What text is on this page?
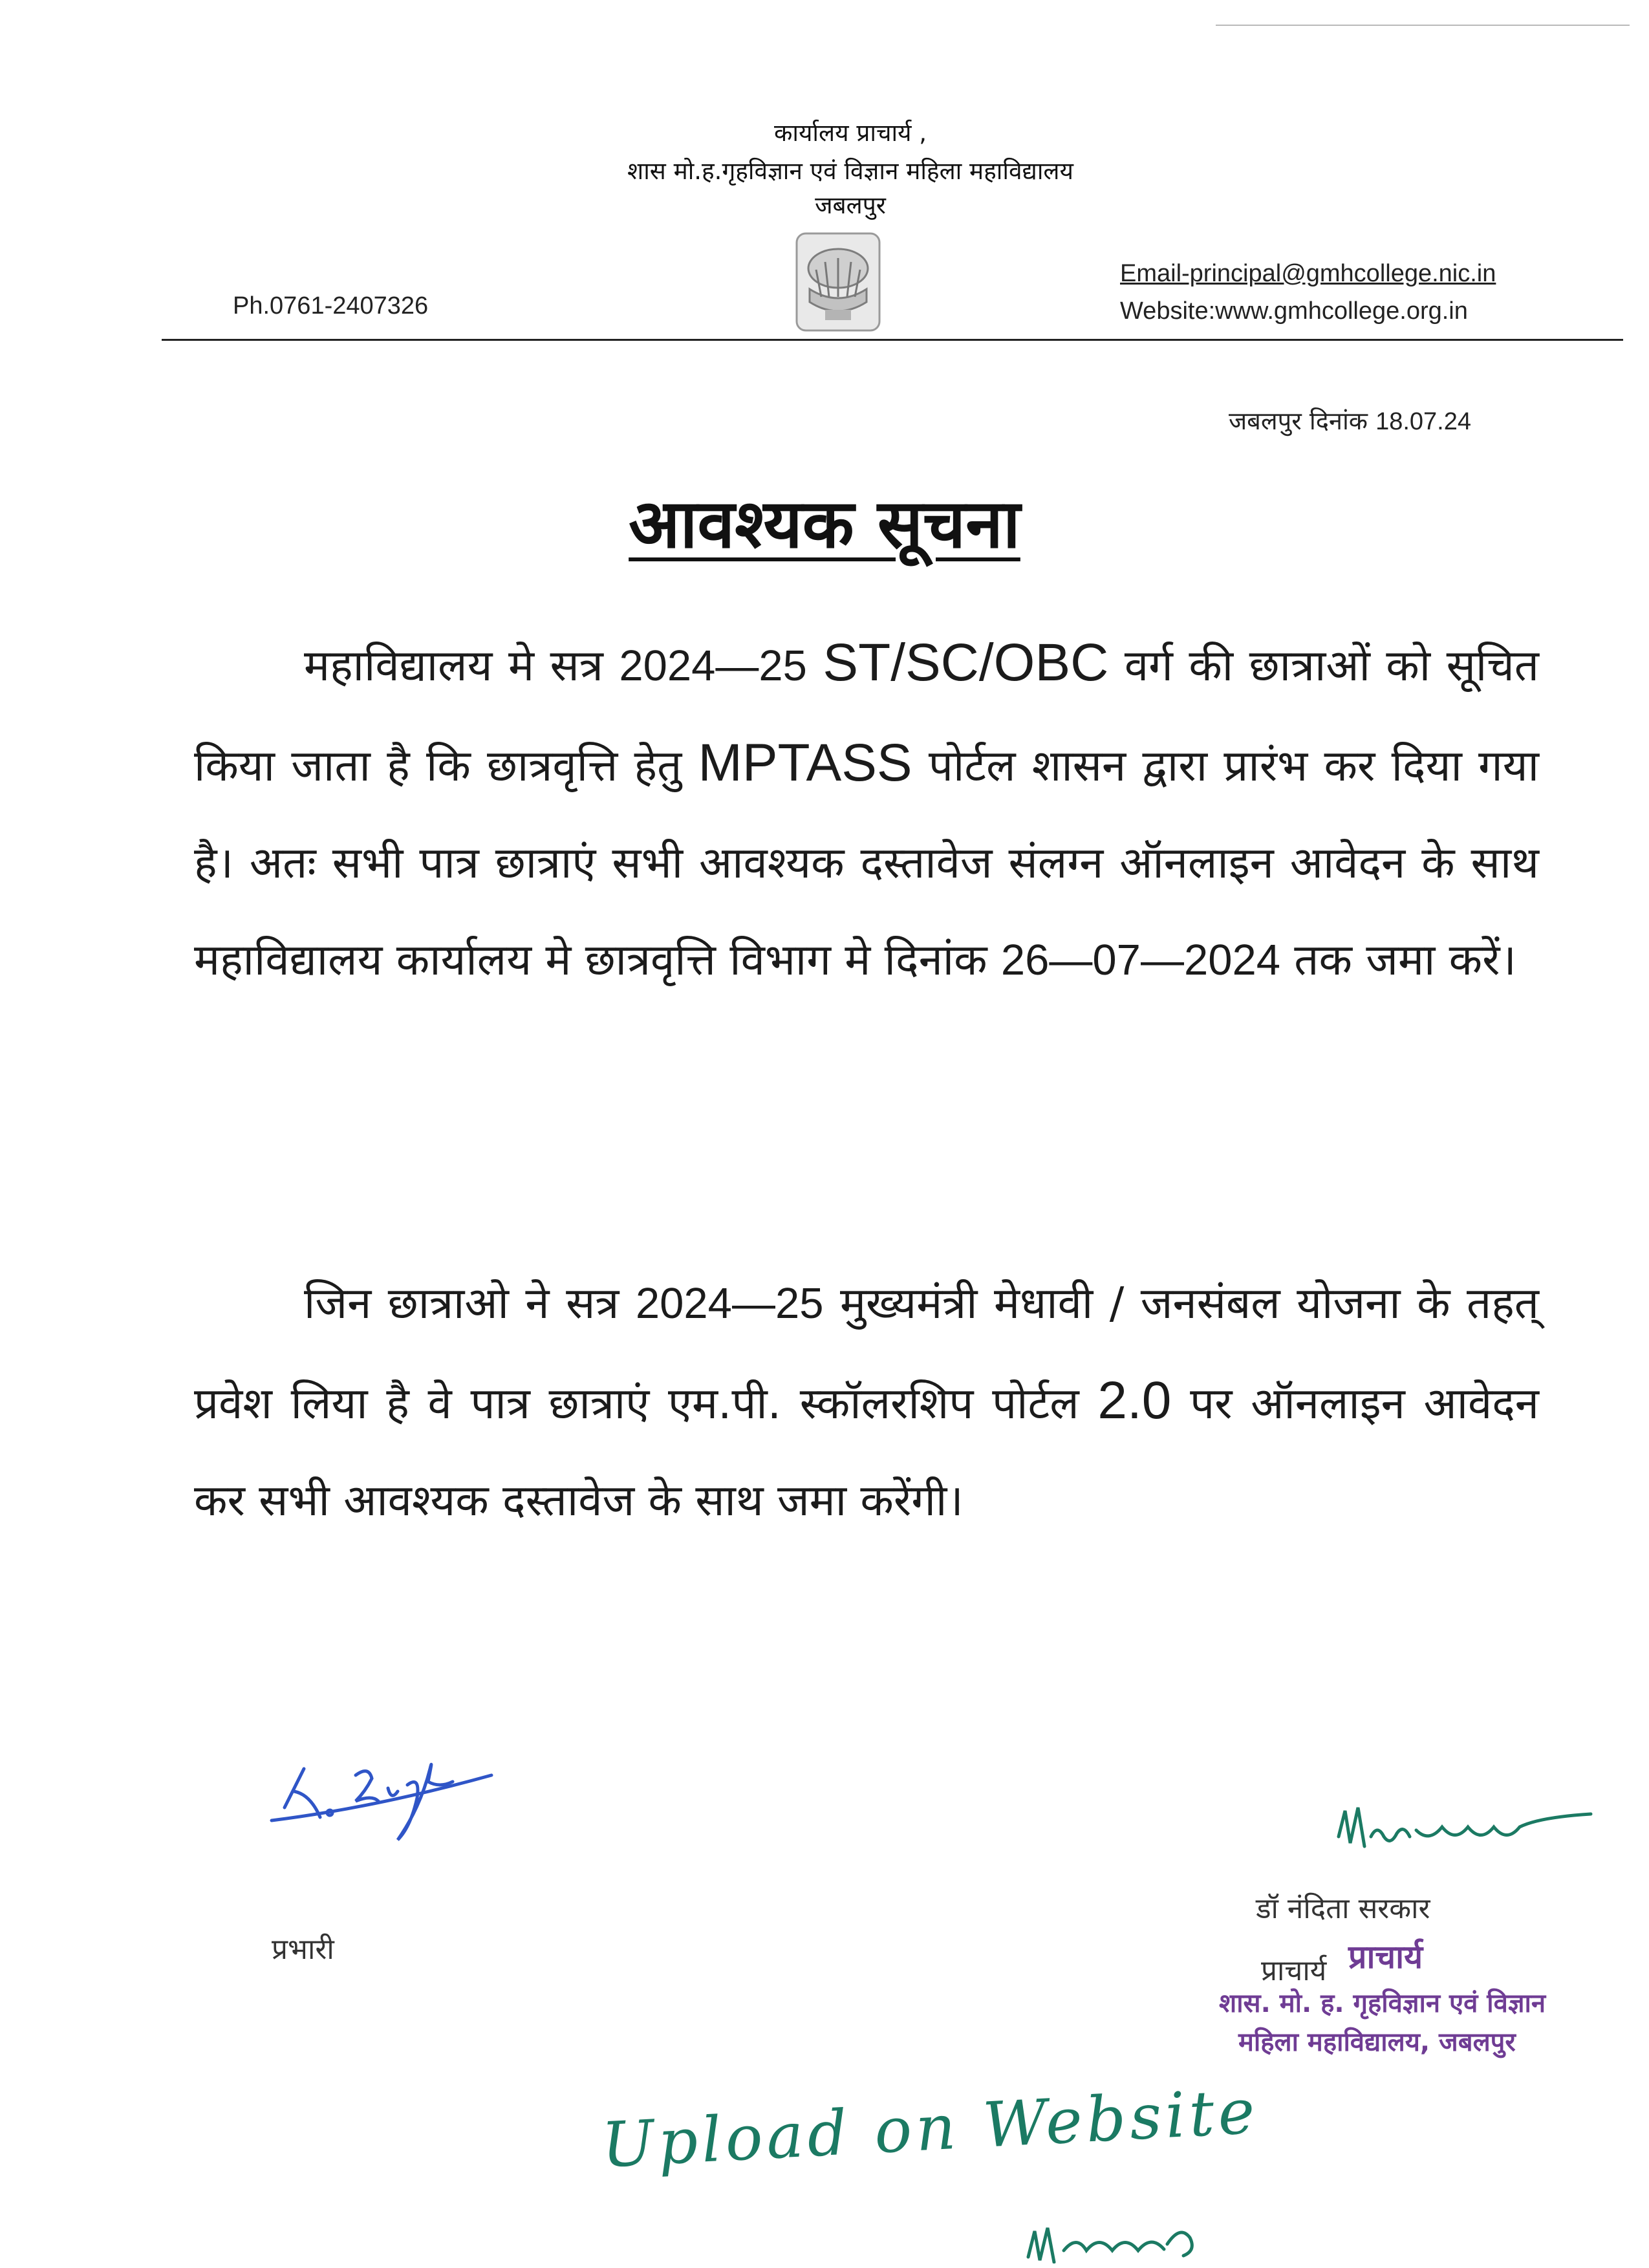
कार्यालय प्राचार्य ,
शास मो.ह.गृहविज्ञान एवं विज्ञान महिला महाविद्यालय
जबलपुर
Ph.0761-2407326
Email-principal@gmhcollege.nic.in
Website:www.gmhcollege.org.in
जबलपुर दिनांक 18.07.24
आवश्यक सूचना
महाविद्यालय मे सत्र 2024—25 ST/SC/OBC वर्ग की छात्राओं को सूचित किया जाता है कि छात्रवृत्ति हेतु MPTASS पोर्टल शासन द्वारा प्रारंभ कर दिया गया है। अतः सभी पात्र छात्राएं सभी आवश्यक दस्तावेज संलग्न ऑनलाइन आवेदन के साथ महाविद्यालय कार्यालय मे छात्रवृत्ति विभाग मे दिनांक 26—07—2024 तक जमा करें।
जिन छात्राओ ने सत्र 2024—25 मुख्यमंत्री मेधावी / जनसंबल योजना के तहत् प्रवेश लिया है वे पात्र छात्राएं एम.पी. स्कॉलरशिप पोर्टल 2.0 पर ऑनलाइन आवेदन कर सभी आवश्यक दस्तावेज के साथ जमा करेंगी।
प्रभारी
डॉ नंदिता सरकार
प्राचार्य प्राचार्य
शास. मो. ह. गृहविज्ञान एवं विज्ञान
महिला महाविद्यालय, जबलपुर
Upload on Website
